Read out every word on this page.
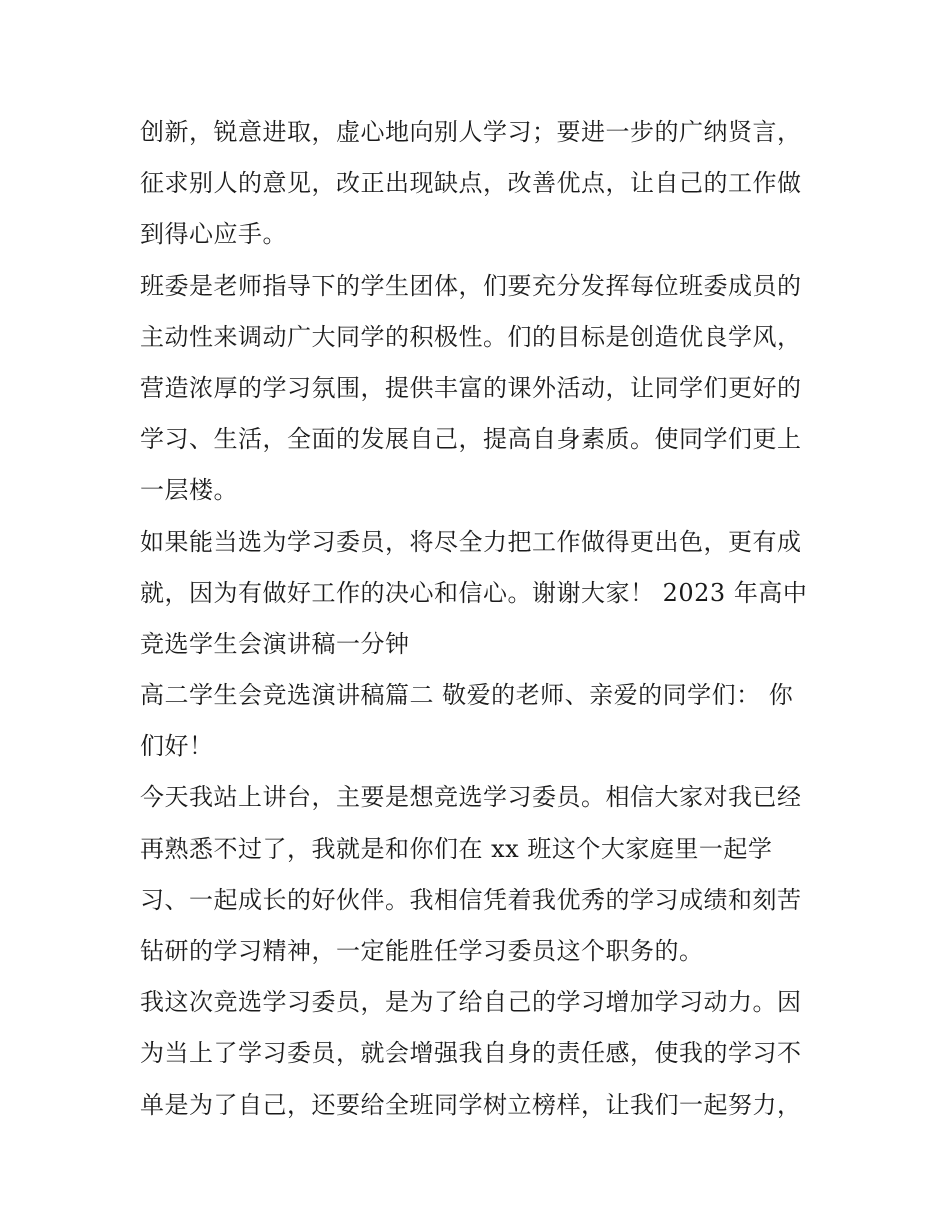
创新，锐意进取，虚心地向别人学习；要进一步的广纳贤言，
征求别人的意见，改正出现缺点，改善优点，让自己的工作做
到得心应手。
班委是老师指导下的学生团体，们要充分发挥每位班委成员的
主动性来调动广大同学的积极性。们的目标是创造优良学风，
营造浓厚的学习氛围，提供丰富的课外活动，让同学们更好的
学习、生活，全面的发展自己，提高自身素质。使同学们更上
一层楼。
如果能当选为学习委员，将尽全力把工作做得更出色，更有成
就，因为有做好工作的决心和信心。谢谢大家！ 2023 年高中
竞选学生会演讲稿一分钟
高二学生会竞选演讲稿篇二 敬爱的老师、亲爱的同学们： 你
们好！
今天我站上讲台，主要是想竞选学习委员。相信大家对我已经
再熟悉不过了，我就是和你们在 xx 班这个大家庭里一起学
习、一起成长的好伙伴。我相信凭着我优秀的学习成绩和刻苦
钻研的学习精神，一定能胜任学习委员这个职务的。
我这次竞选学习委员，是为了给自己的学习增加学习动力。因
为当上了学习委员，就会增强我自身的责任感，使我的学习不
单是为了自己，还要给全班同学树立榜样，让我们一起努力，
